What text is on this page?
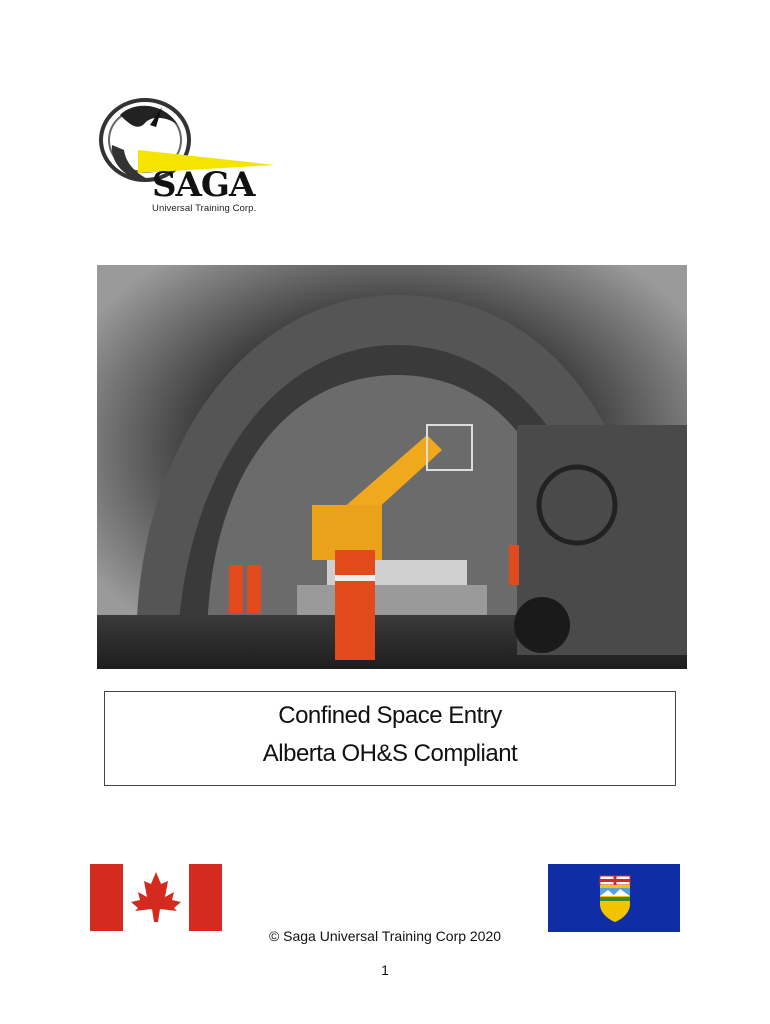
SAGA
Universal Training Corp.
Confined Space Entry
Alberta OH&S Compliant
© Saga Universal Training Corp 2020
1
